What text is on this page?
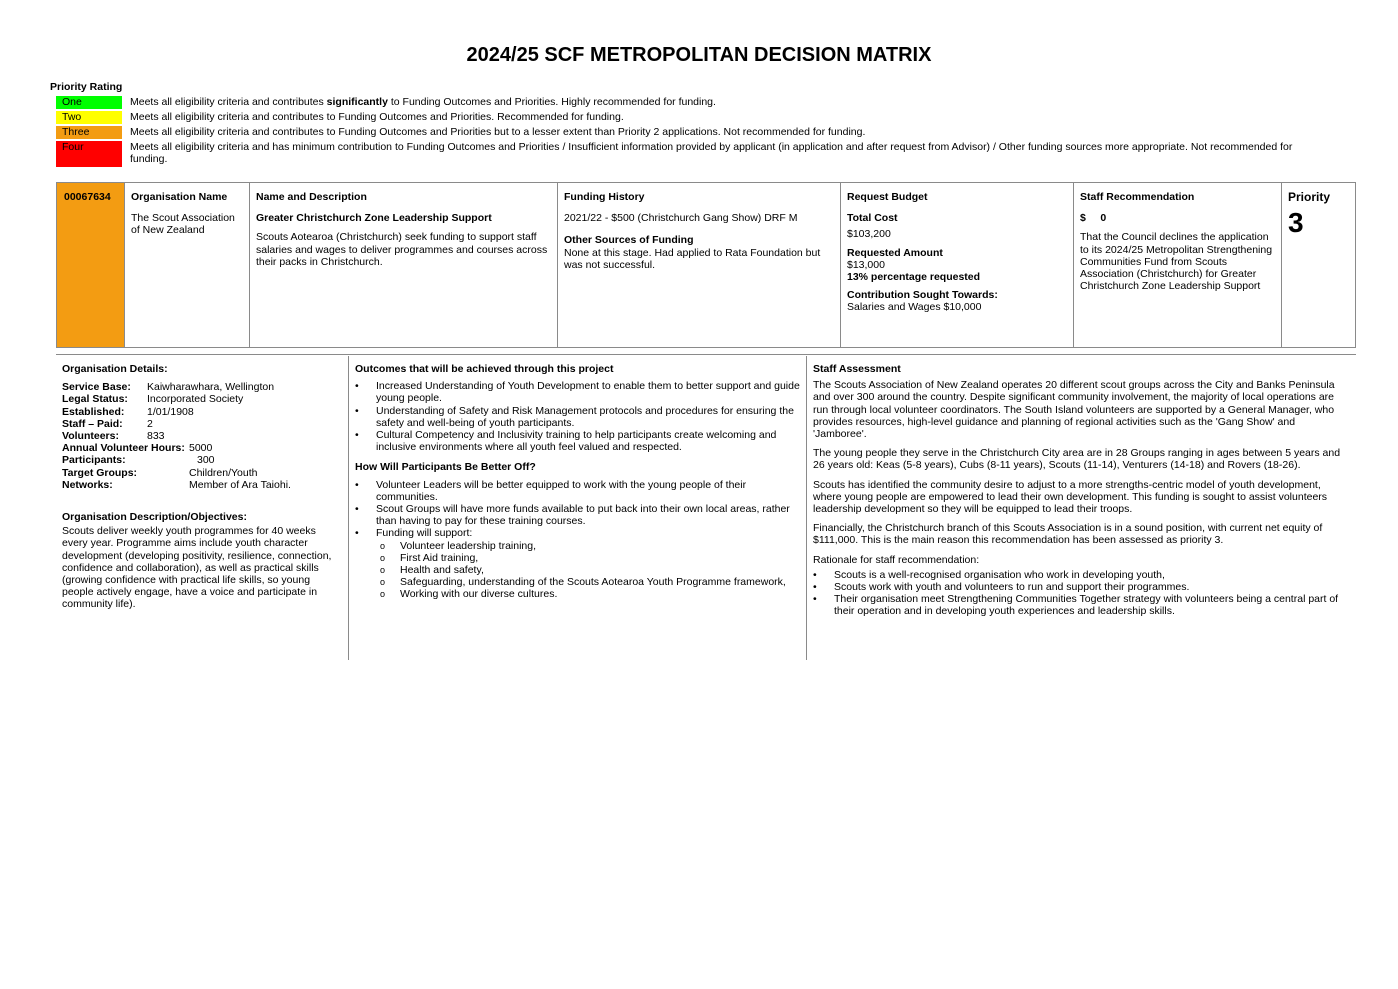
2024/25 SCF METROPOLITAN DECISION MATRIX
Priority Rating
One	Meets all eligibility criteria and contributes significantly to Funding Outcomes and Priorities. Highly recommended for funding.
Two	Meets all eligibility criteria and contributes to Funding Outcomes and Priorities. Recommended for funding.
Three	Meets all eligibility criteria and contributes to Funding Outcomes and Priorities but to a lesser extent than Priority 2 applications. Not recommended for funding.
Four	Meets all eligibility criteria and has minimum contribution to Funding Outcomes and Priorities / Insufficient information provided by applicant (in application and after request from Advisor) / Other funding sources more appropriate. Not recommended for funding.
00067634	Organisation Name
The Scout Association of New Zealand
Name and Description
Greater Christchurch Zone Leadership Support
Scouts Aotearoa (Christchurch) seek funding to support staff salaries and wages to deliver programmes and courses across their packs in Christchurch.
Funding History
2021/22 - $500 (Christchurch Gang Show) DRF M
Other Sources of Funding
None at this stage. Had applied to Rata Foundation but was not successful.
Request Budget
Total Cost
$103,200
Requested Amount
$13,000
13% percentage requested
Contribution Sought Towards:
Salaries and Wages $10,000
Staff Recommendation
$     0
That the Council declines the application to its 2024/25 Metropolitan Strengthening Communities Fund from Scouts Association (Christchurch) for Greater Christchurch Zone Leadership Support
Priority
3
Organisation Details:
Service Base:	Kaiwharawhara, Wellington
Legal Status:	Incorporated Society
Established:	1/01/1908
Staff – Paid:	2
Volunteers:	833
Annual Volunteer Hours: 5000
Participants:	300
Target Groups:	Children/Youth
Networks:	Member of Ara Taiohi.
Organisation Description/Objectives:
Scouts deliver weekly youth programmes for 40 weeks every year. Programme aims include youth character development (developing positivity, resilience, connection, confidence and collaboration), as well as practical skills (growing confidence with practical life skills, so young people actively engage, have a voice and participate in community life).
Outcomes that will be achieved through this project
• Increased Understanding of Youth Development to enable them to better support and guide young people.
• Understanding of Safety and Risk Management protocols and procedures for ensuring the safety and well-being of youth participants.
• Cultural Competency and Inclusivity training to help participants create welcoming and inclusive environments where all youth feel valued and respected.
How Will Participants Be Better Off?
• Volunteer Leaders will be better equipped to work with the young people of their communities.
• Scout Groups will have more funds available to put back into their own local areas, rather than having to pay for these training courses.
• Funding will support:
o Volunteer leadership training,
o First Aid training,
o Health and safety,
o Safeguarding, understanding of the Scouts Aotearoa Youth Programme framework,
o Working with our diverse cultures.
Staff Assessment

The Scouts Association of New Zealand operates 20 different scout groups across the City and Banks Peninsula and over 300 around the country. Despite significant community involvement, the majority of local operations are run through local volunteer coordinators. The South Island volunteers are supported by a General Manager, who provides resources, high-level guidance and planning of regional activities such as the 'Gang Show' and 'Jamboree'.

The young people they serve in the Christchurch City area are in 28 Groups ranging in ages between 5 years and 26 years old: Keas (5-8 years), Cubs (8-11 years), Scouts (11-14), Venturers (14-18) and Rovers (18-26).

Scouts has identified the community desire to adjust to a more strengths-centric model of youth development, where young people are empowered to lead their own development. This funding is sought to assist volunteers leadership development so they will be equipped to lead their troops.

Financially, the Christchurch branch of this Scouts Association is in a sound position, with current net equity of $111,000. This is the main reason this recommendation has been assessed as priority 3.

Rationale for staff recommendation:

• Scouts is a well-recognised organisation who work in developing youth,
• Scouts work with youth and volunteers to run and support their programmes.
• Their organisation meet Strengthening Communities Together strategy with volunteers being a central part of their operation and in developing youth experiences and leadership skills.
